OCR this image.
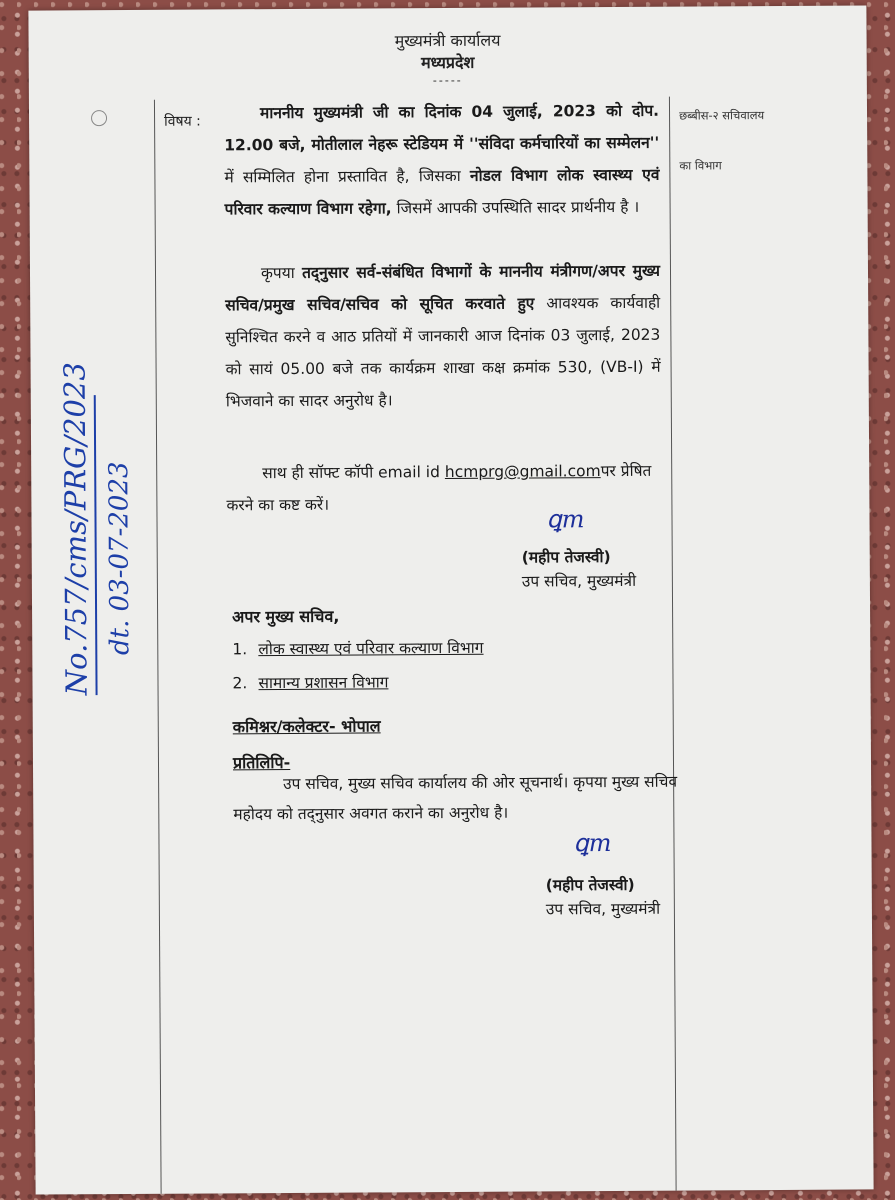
मुख्यमंत्री कार्यालय
मध्यप्रदेश
-----
No.757/cms/PRG/2023 dt. 03-07-2023
विषय :	छब्बीस-२ सचिवालय
का विभाग
माननीय मुख्यमंत्री जी का दिनांक 04 जुलाई, 2023 को दोप. 12.00 बजे, मोतीलाल नेहरू स्टेडियम में ''संविदा कर्मचारियों का सम्मेलन'' में सम्मिलित होना प्रस्तावित है, जिसका नोडल विभाग लोक स्वास्थ्य एवं परिवार कल्याण विभाग रहेगा, जिसमें आपकी उपस्थिति सादर प्रार्थनीय है ।
कृपया तद्नुसार सर्व-संबंधित विभागों के माननीय मंत्रीगण/अपर मुख्य सचिव/प्रमुख सचिव/सचिव को सूचित करवाते हुए आवश्यक कार्यवाही सुनिश्चित करने व आठ प्रतियों में जानकारी आज दिनांक 03 जुलाई, 2023 को सायं 05.00 बजे तक कार्यक्रम शाखा कक्ष क्रमांक 530, (VB-I) में भिजवाने का सादर अनुरोध है।
साथ ही सॉफ्ट कॉपी email id hcmprg@gmail.comपर प्रेषित करने का कष्ट करें।
ꝗm
(महीप तेजस्वी)
उप सचिव, मुख्यमंत्री
अपर मुख्य सचिव,
1. लोक स्वास्थ्य एवं परिवार कल्याण विभाग
2. सामान्य प्रशासन विभाग
कमिश्नर/कलेक्टर- भोपाल
प्रतिलिपि-
उप सचिव, मुख्य सचिव कार्यालय की ओर सूचनार्थ। कृपया मुख्य सचिव महोदय को तद्नुसार अवगत कराने का अनुरोध है।
ꝗm
(महीप तेजस्वी)
उप सचिव, मुख्यमंत्री
